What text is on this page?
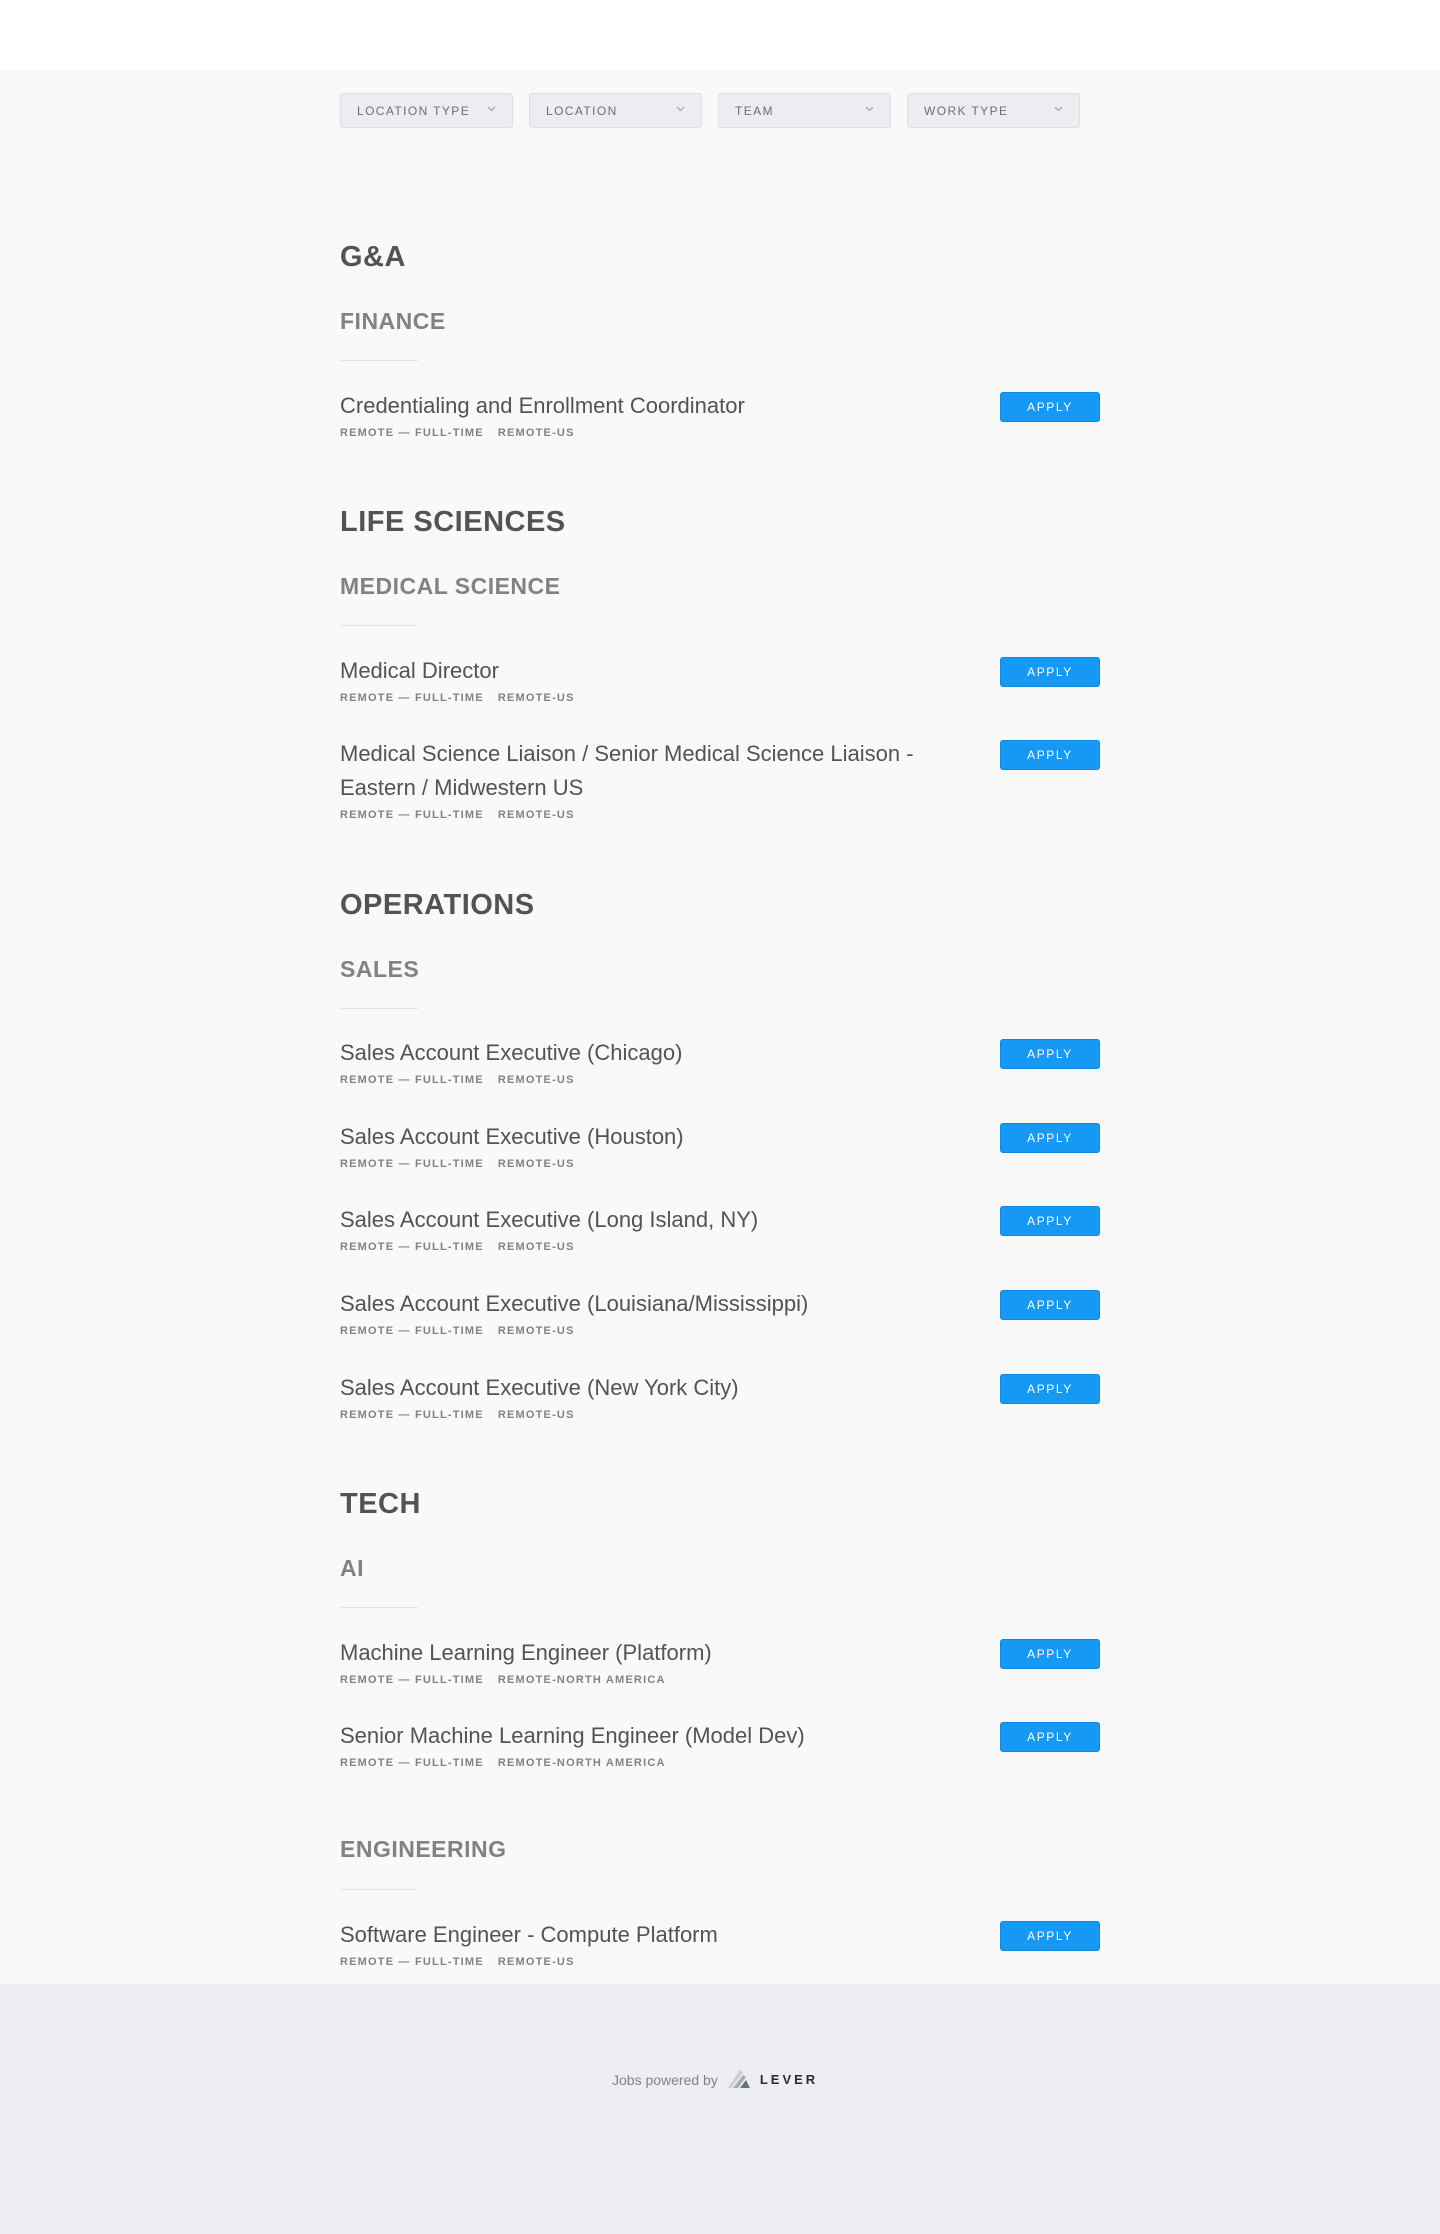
LOCATION TYPE	LOCATION	TEAM	WORK TYPE
G&A
FINANCE
Credentialing and Enrollment Coordinator
REMOTE — FULL-TIME REMOTE-US
APPLY
LIFE SCIENCES
MEDICAL SCIENCE
Medical Director
REMOTE — FULL-TIME REMOTE-US
APPLY
Medical Science Liaison / Senior Medical Science Liaison - Eastern / Midwestern US
REMOTE — FULL-TIME REMOTE-US
APPLY
OPERATIONS
SALES
Sales Account Executive (Chicago)
REMOTE — FULL-TIME REMOTE-US
APPLY
Sales Account Executive (Houston)
REMOTE — FULL-TIME REMOTE-US
APPLY
Sales Account Executive (Long Island, NY)
REMOTE — FULL-TIME REMOTE-US
APPLY
Sales Account Executive (Louisiana/Mississippi)
REMOTE — FULL-TIME REMOTE-US
APPLY
Sales Account Executive (New York City)
REMOTE — FULL-TIME REMOTE-US
APPLY
TECH
AI
Machine Learning Engineer (Platform)
REMOTE — FULL-TIME REMOTE-NORTH AMERICA
APPLY
Senior Machine Learning Engineer (Model Dev)
REMOTE — FULL-TIME REMOTE-NORTH AMERICA
APPLY
ENGINEERING
Software Engineer - Compute Platform
REMOTE — FULL-TIME REMOTE-US
APPLY
Jobs powered by	LEVER
